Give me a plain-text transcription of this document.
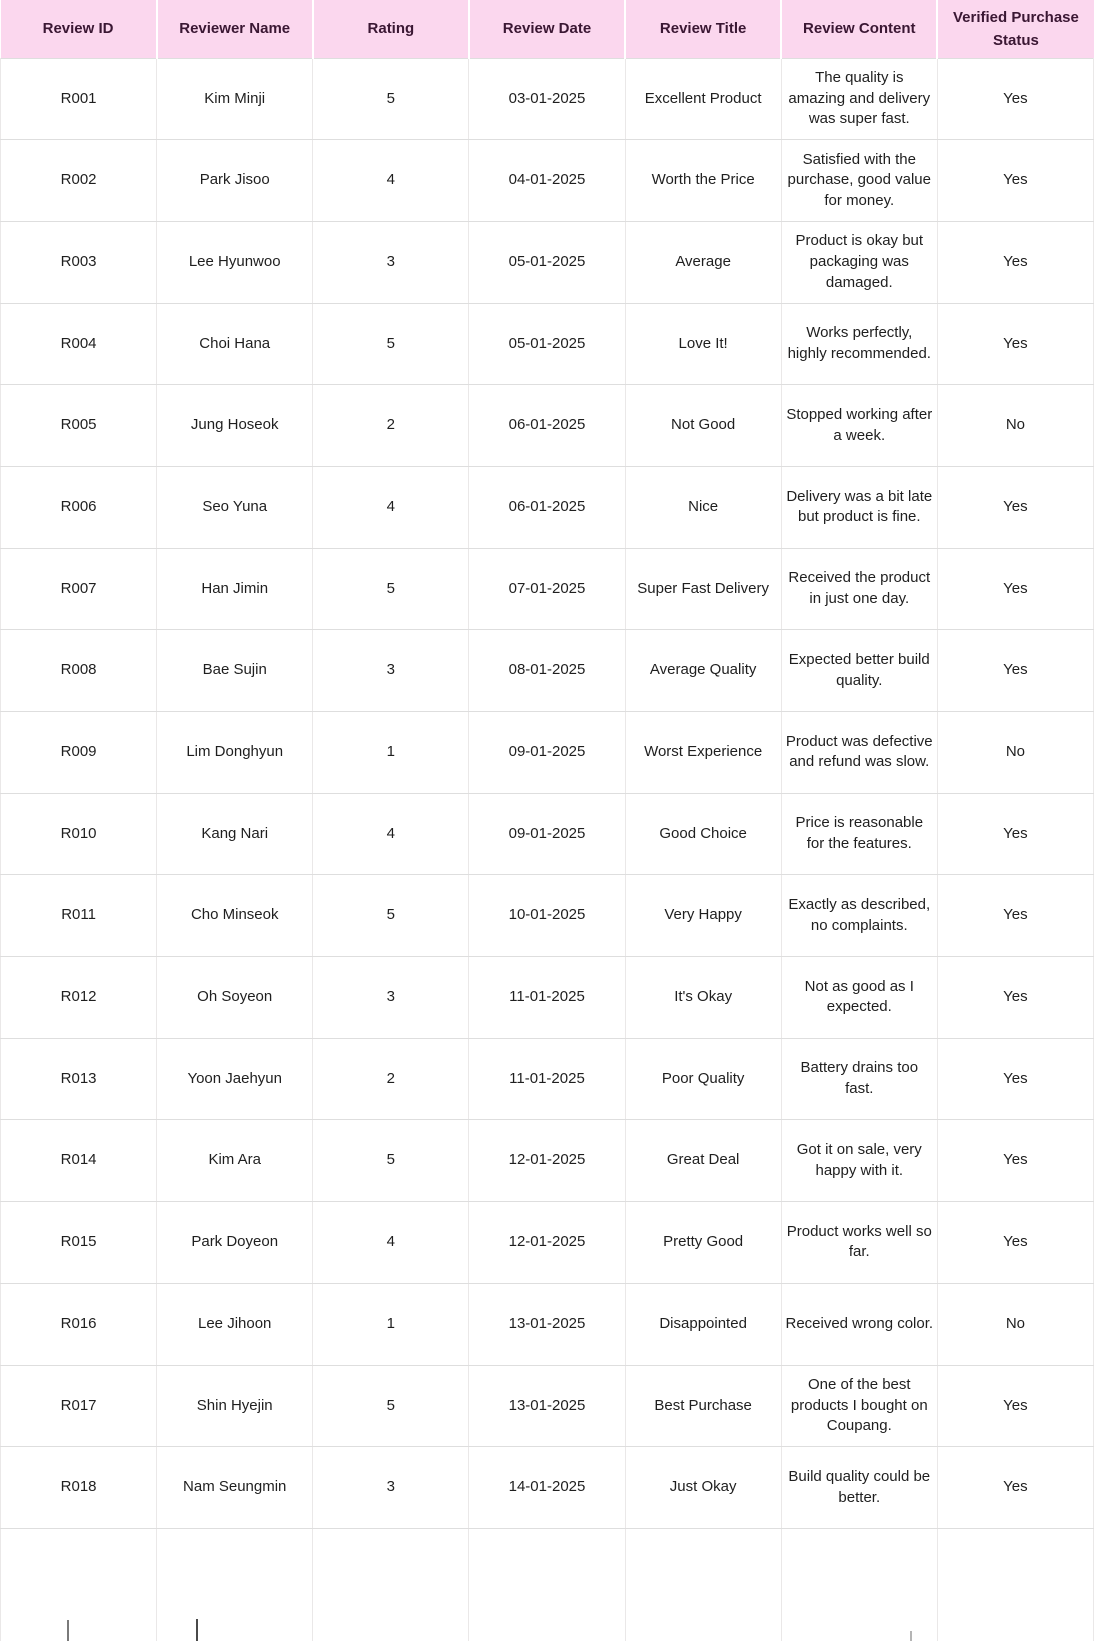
Review ID	Reviewer Name	Rating	Review Date	Review Title	Review Content	Verified Purchase Status
R001	Kim Minji	5	03-01-2025	Excellent Product	The quality is amazing and delivery was super fast.	Yes
R002	Park Jisoo	4	04-01-2025	Worth the Price	Satisfied with the purchase, good value for money.	Yes
R003	Lee Hyunwoo	3	05-01-2025	Average	Product is okay but packaging was damaged.	Yes
R004	Choi Hana	5	05-01-2025	Love It!	Works perfectly, highly recommended.	Yes
R005	Jung Hoseok	2	06-01-2025	Not Good	Stopped working after a week.	No
R006	Seo Yuna	4	06-01-2025	Nice	Delivery was a bit late but product is fine.	Yes
R007	Han Jimin	5	07-01-2025	Super Fast Delivery	Received the product in just one day.	Yes
R008	Bae Sujin	3	08-01-2025	Average Quality	Expected better build quality.	Yes
R009	Lim Donghyun	1	09-01-2025	Worst Experience	Product was defective and refund was slow.	No
R010	Kang Nari	4	09-01-2025	Good Choice	Price is reasonable for the features.	Yes
R011	Cho Minseok	5	10-01-2025	Very Happy	Exactly as described, no complaints.	Yes
R012	Oh Soyeon	3	11-01-2025	It's Okay	Not as good as I expected.	Yes
R013	Yoon Jaehyun	2	11-01-2025	Poor Quality	Battery drains too fast.	Yes
R014	Kim Ara	5	12-01-2025	Great Deal	Got it on sale, very happy with it.	Yes
R015	Park Doyeon	4	12-01-2025	Pretty Good	Product works well so far.	Yes
R016	Lee Jihoon	1	13-01-2025	Disappointed	Received wrong color.	No
R017	Shin Hyejin	5	13-01-2025	Best Purchase	One of the best products I bought on Coupang.	Yes
R018	Nam Seungmin	3	14-01-2025	Just Okay	Build quality could be better.	Yes
